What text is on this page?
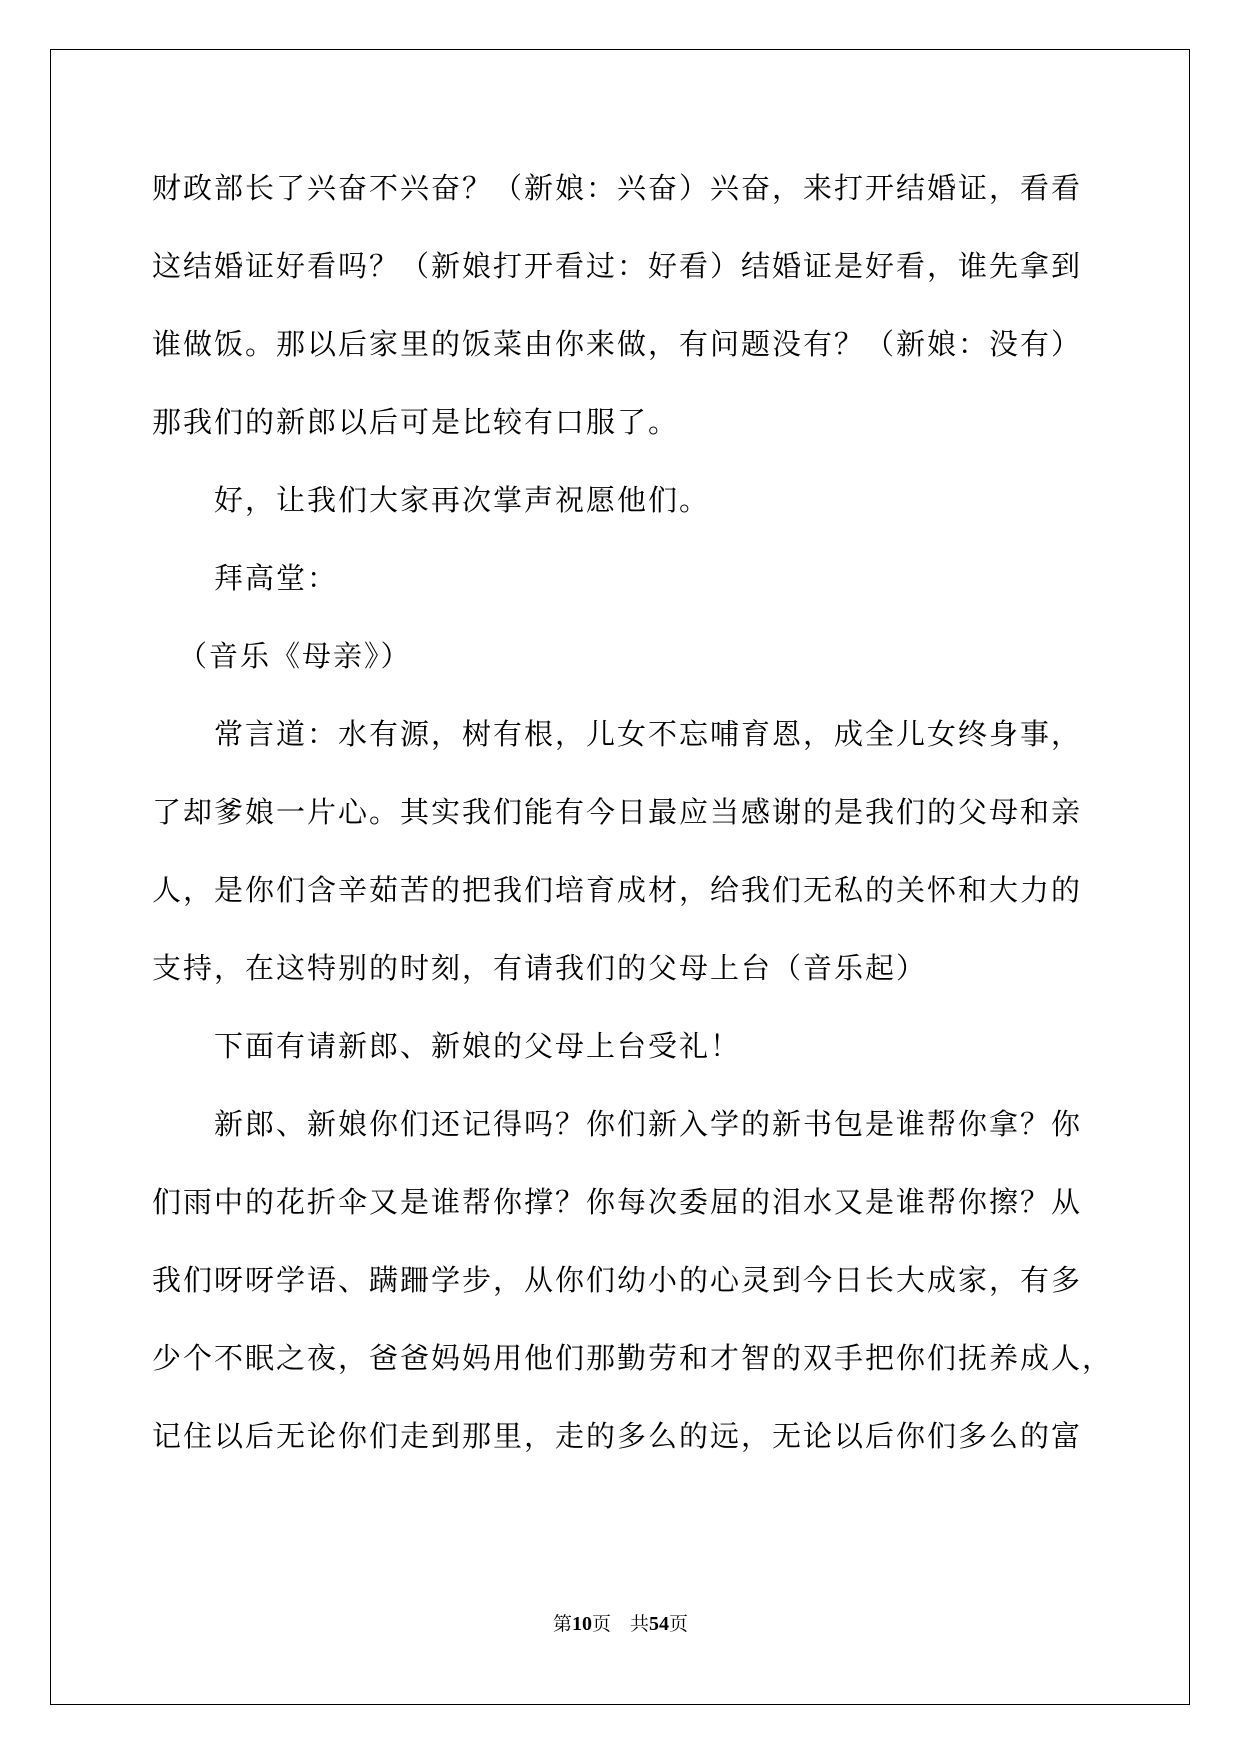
财政部长了兴奋不兴奋？（新娘：兴奋）兴奋，来打开结婚证，看看
这结婚证好看吗？（新娘打开看过：好看）结婚证是好看，谁先拿到
谁做饭。那以后家里的饭菜由你来做，有问题没有？（新娘：没有）
那我们的新郎以后可是比较有口服了。
好，让我们大家再次掌声祝愿他们。
拜高堂：
（音乐《母亲》）
常言道：水有源，树有根，儿女不忘哺育恩，成全儿女终身事，
了却爹娘一片心。其实我们能有今日最应当感谢的是我们的父母和亲
人，是你们含辛茹苦的把我们培育成材，给我们无私的关怀和大力的
支持，在这特别的时刻，有请我们的父母上台（音乐起）
下面有请新郎、新娘的父母上台受礼！
新郎、新娘你们还记得吗？你们新入学的新书包是谁帮你拿？你
们雨中的花折伞又是谁帮你撑？你每次委屈的泪水又是谁帮你擦？从
我们呀呀学语、蹒跚学步，从你们幼小的心灵到今日长大成家，有多
少个不眠之夜，爸爸妈妈用他们那勤劳和才智的双手把你们抚养成人，
记住以后无论你们走到那里，走的多么的远，无论以后你们多么的富
第10页　共54页
